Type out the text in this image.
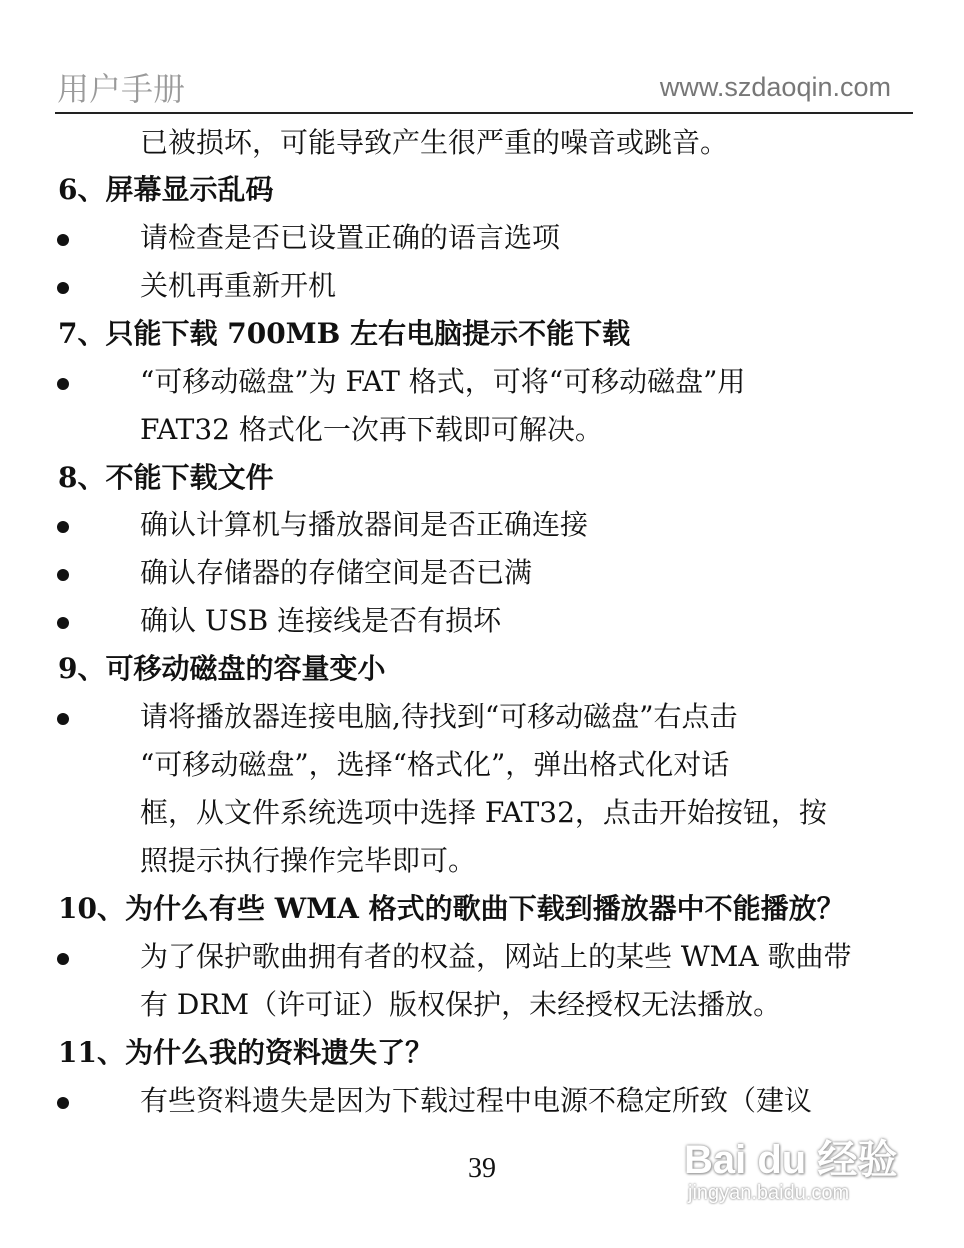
用户手册	www.szdaoqin.com
已被损坏，可能导致产生很严重的噪音或跳音。
6、屏幕显示乱码
请检查是否已设置正确的语言选项
关机再重新开机
7、只能下载 700MB 左右电脑提示不能下载
“可移动磁盘”为 FAT 格式，可将“可移动磁盘”用
FAT32 格式化一次再下载即可解决。
8、不能下载文件
确认计算机与播放器间是否正确连接
确认存储器的存储空间是否已满
确认 USB 连接线是否有损坏
9、可移动磁盘的容量变小
请将播放器连接电脑,待找到“可移动磁盘”右点击
“可移动磁盘”，选择“格式化”，弹出格式化对话
框，从文件系统选项中选择 FAT32，点击开始按钮，按
照提示执行操作完毕即可。
10、为什么有些 WMA 格式的歌曲下载到播放器中不能播放？
为了保护歌曲拥有者的权益，网站上的某些 WMA 歌曲带
有 DRM（许可证）版权保护，未经授权无法播放。
11、为什么我的资料遗失了？
有些资料遗失是因为下载过程中电源不稳定所致（建议
39	Bai du 经验
jingyan.baidu.com
